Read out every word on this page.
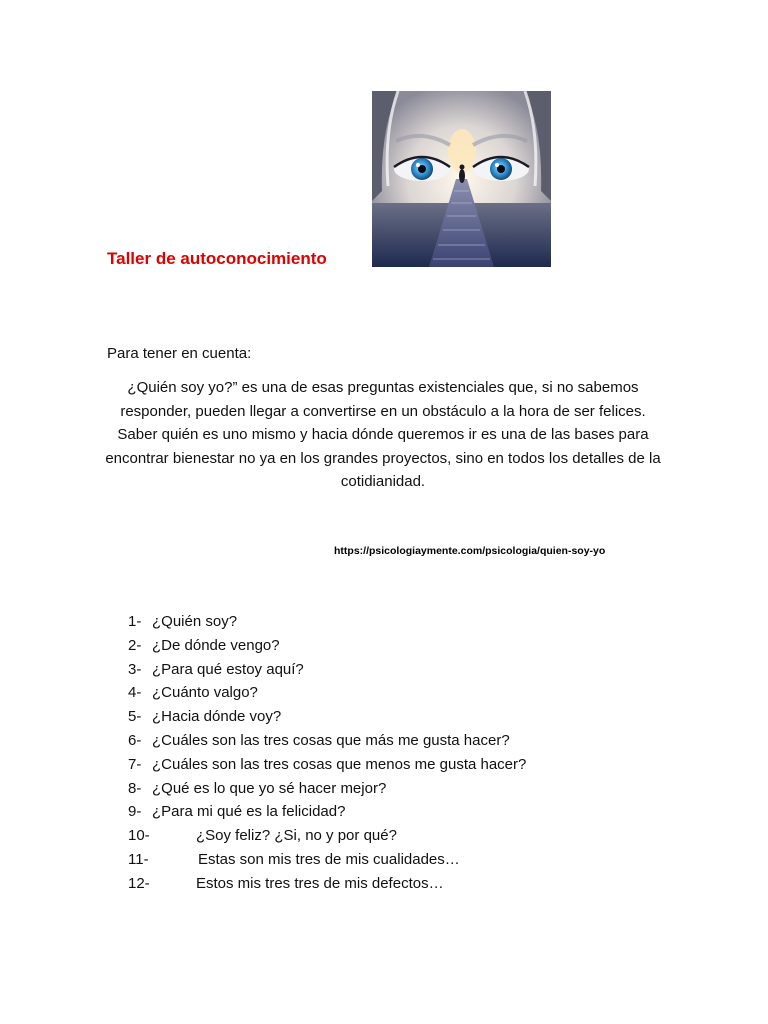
Taller de autoconocimiento
Para tener en cuenta:
¿Quién soy yo?” es una de esas preguntas existenciales que, si no sabemos responder, pueden llegar a convertirse en un obstáculo a la hora de ser felices. Saber quién es uno mismo y hacia dónde queremos ir es una de las bases para encontrar bienestar no ya en los grandes proyectos, sino en todos los detalles de la cotidianidad.
https://psicologiaymente.com/psicologia/quien-soy-yo
1- ¿Quién soy?
2- ¿De dónde vengo?
3- ¿Para qué estoy aquí?
4- ¿Cuánto valgo?
5- ¿Hacia dónde voy?
6- ¿Cuáles son las tres cosas que más me gusta hacer?
7- ¿Cuáles son las tres cosas que menos me gusta hacer?
8- ¿Qué es lo que yo sé hacer mejor?
9- ¿Para mi qué es la felicidad?
10-	¿Soy feliz? ¿Si, no y por qué?
11-	Estas son mis tres de mis cualidades…
12-	Estos mis tres tres de mis defectos…
